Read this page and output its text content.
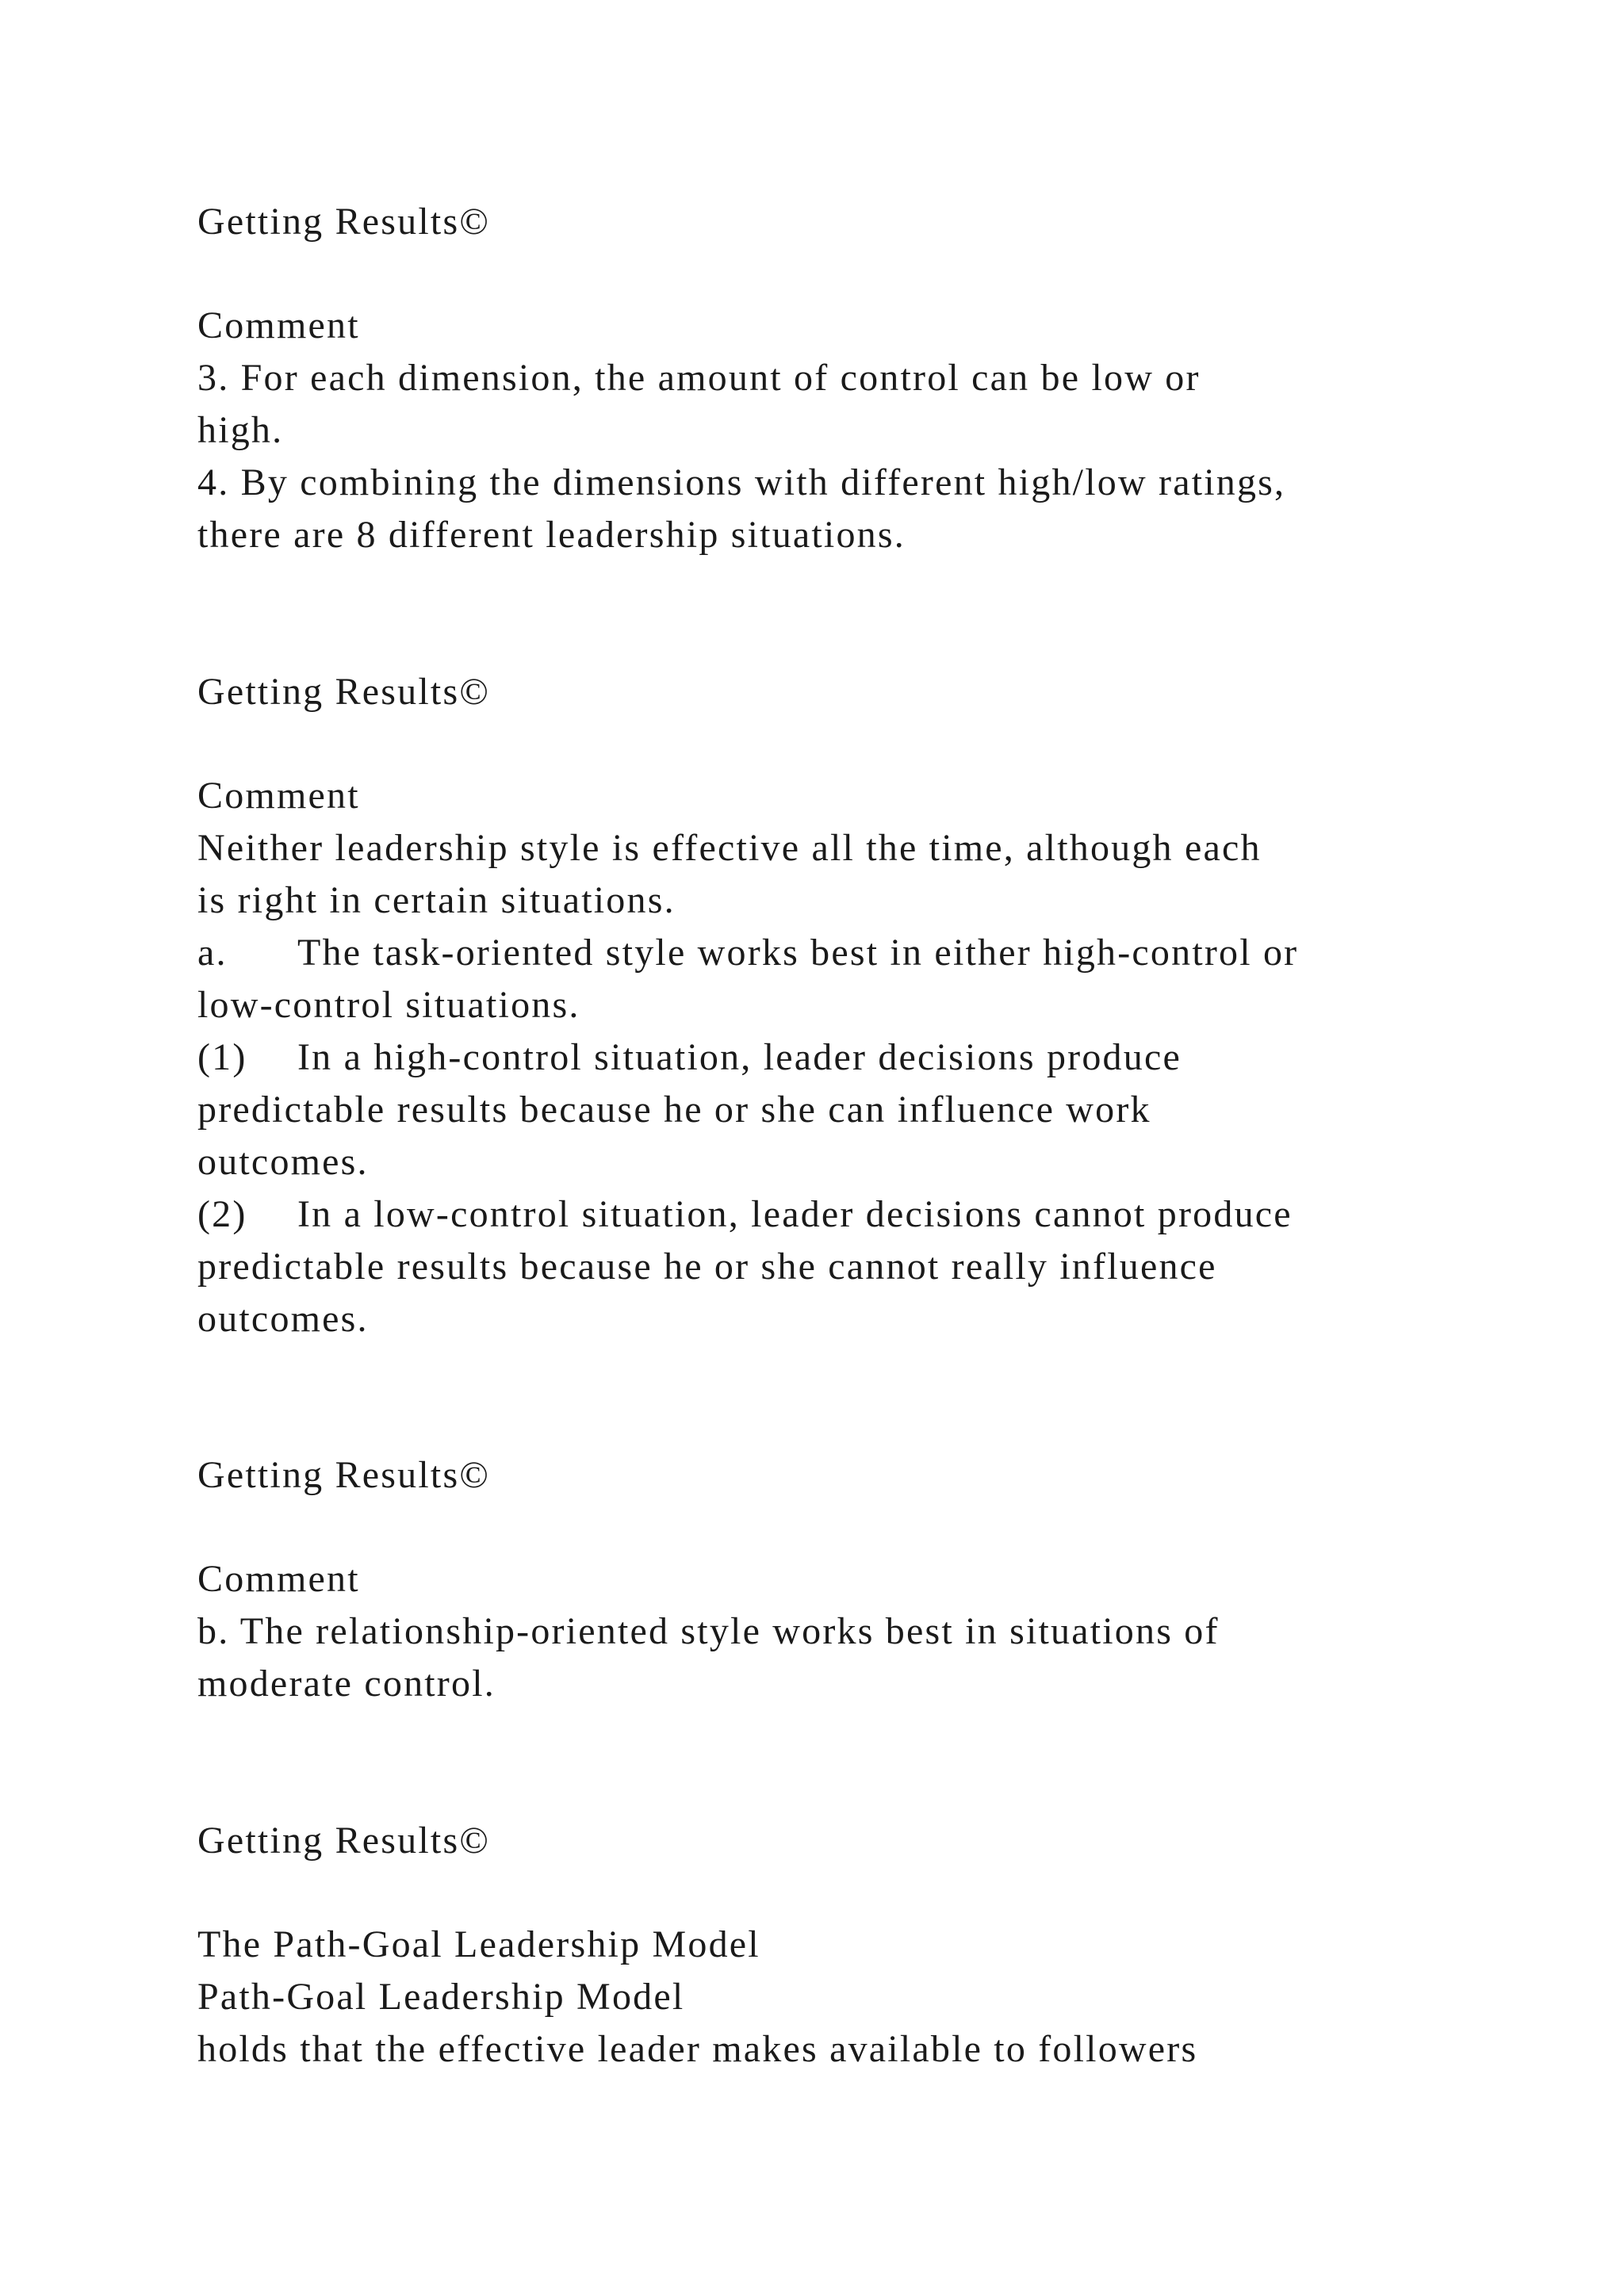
Getting Results©

Comment

3. For each dimension, the amount of control can be low or

high.

4. By combining the dimensions with different high/low ratings,

there are 8 different leadership situations.

Getting Results©

Comment

Neither leadership style is effective all the time, although each

is right in certain situations.

a. The task-oriented style works best in either high-control or

low-control situations.

(1) In a high-control situation, leader decisions produce

predictable results because he or she can influence work

outcomes.

(2) In a low-control situation, leader decisions cannot produce

predictable results because he or she cannot really influence

outcomes.

Getting Results©

Comment

b. The relationship-oriented style works best in situations of

moderate control.

Getting Results©

The Path-Goal Leadership Model

Path-Goal Leadership Model

holds that the effective leader makes available to followers
